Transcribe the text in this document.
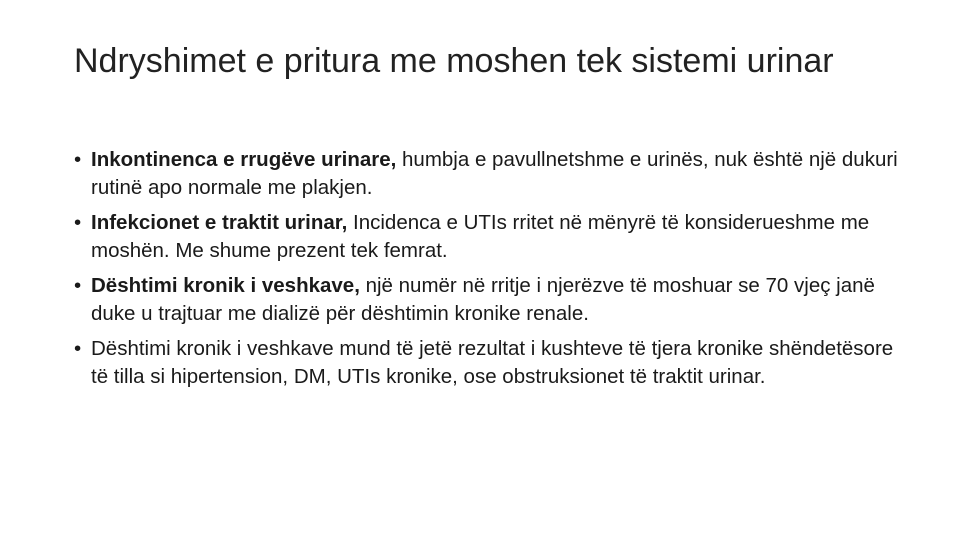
Ndryshimet e pritura me moshen tek sistemi urinar
• Inkontinenca e rrugëve urinare, humbja e pavullnetshme e urinës, nuk është një dukuri rutinë apo normale me plakjen.
• Infekcionet e traktit urinar, Incidenca e UTIs rritet në mënyrë të konsiderueshme me moshën. Me shume prezent tek femrat.
• Dështimi kronik i veshkave, një numër në rritje i njerëzve të moshuar se 70 vjeç janë duke u trajtuar me dializë për dështimin kronike renale.
• Dështimi kronik i veshkave mund të jetë rezultat i kushteve të tjera kronike shëndetësore të tilla si hipertension, DM, UTIs kronike, ose obstruksionet të traktit urinar.
